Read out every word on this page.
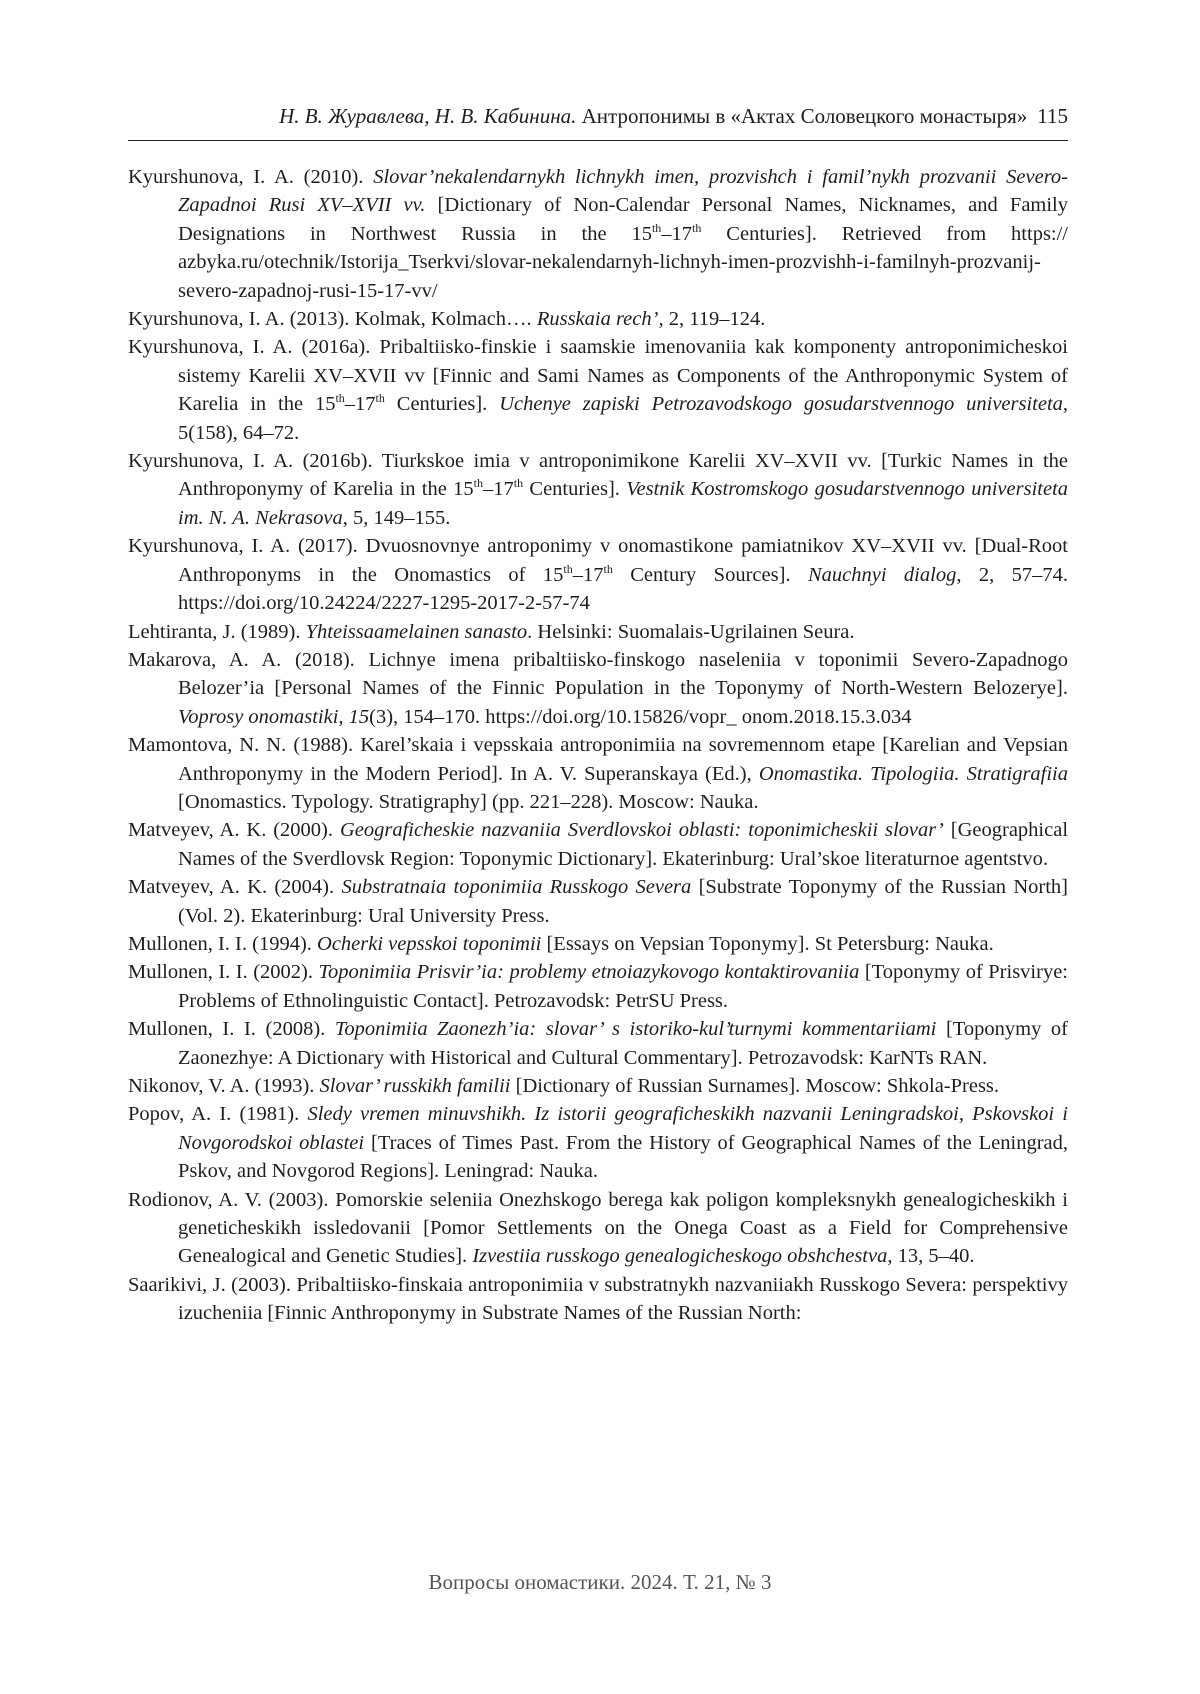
Н. В. Журавлева, Н. В. Кабинина. Антропонимы в «Актах Соловецкого монастыря» 115

Kyurshunova, I. A. (2010). Slovar’nekalendarnykh lichnykh imen, prozvishch i famil’nykh prozvanii Severo-Zapadnoi Rusi XV–XVII vv. [Dictionary of Non-Calendar Personal Names, Nicknames, and Family Designations in Northwest Russia in the 15th–17th Centuries]. Retrieved from https:// azbyka.ru/otechnik/Istorija_Tserkvi/slovar-nekalendarnyh-lichnyh-imen-prozvishh-i-familnyh-prozvanij-severo-zapadnoj-rusi-15-17-vv/

Kyurshunova, I. A. (2013). Kolmak, Kolmach…. Russkaia rech’, 2, 119–124.

Kyurshunova, I. A. (2016a). Pribaltiisko-finskie i saamskie imenovaniia kak komponenty antroponimicheskoi sistemy Karelii XV–XVII vv [Finnic and Sami Names as Components of the Anthroponymic System of Karelia in the 15th–17th Centuries]. Uchenye zapiski Petrozavodskogo gosudarstvennogo universiteta, 5(158), 64–72.

Kyurshunova, I. A. (2016b). Tiurkskoe imia v antroponimikone Karelii XV–XVII vv. [Turkic Names in the Anthroponymy of Karelia in the 15th–17th Centuries]. Vestnik Kostromskogo gosudarstvennogo universiteta im. N. A. Nekrasova, 5, 149–155.

Kyurshunova, I. A. (2017). Dvuosnovnye antroponimy v onomastikone pamiatnikov XV–XVII vv. [Dual-Root Anthroponyms in the Onomastics of 15th–17th Century Sources]. Nauchnyi dialog, 2, 57–74. https://doi.org/10.24224/2227-1295-2017-2-57-74

Lehtiranta, J. (1989). Yhteissaamelainen sanasto. Helsinki: Suomalais-Ugrilainen Seura.

Makarova, A. A. (2018). Lichnye imena pribaltiisko-finskogo naseleniia v toponimii Severo-Zapadnogo Belozer’ia [Personal Names of the Finnic Population in the Toponymy of North-Western Belozerye]. Voprosy onomastiki, 15(3), 154–170. https://doi.org/10.15826/vopr_ onom.2018.15.3.034

Mamontova, N. N. (1988). Karel’skaia i vepsskaia antroponimiia na sovremennom etape [Karelian and Vepsian Anthroponymy in the Modern Period]. In A. V. Superanskaya (Ed.), Onomastika. Tipologiia. Stratigrafiia [Onomastics. Typology. Stratigraphy] (pp. 221–228). Moscow: Nauka.

Matveyev, A. K. (2000). Geograficheskie nazvaniia Sverdlovskoi oblasti: toponimicheskii slovar’ [Geographical Names of the Sverdlovsk Region: Toponymic Dictionary]. Ekaterinburg: Ural’skoe literaturnoe agentstvo.

Matveyev, A. K. (2004). Substratnaia toponimiia Russkogo Severa [Substrate Toponymy of the Russian North] (Vol. 2). Ekaterinburg: Ural University Press.

Mullonen, I. I. (1994). Ocherki vepsskoi toponimii [Essays on Vepsian Toponymy]. St Petersburg: Nauka.

Mullonen, I. I. (2002). Toponimiia Prisvir’ia: problemy etnoiazykovogo kontaktirovaniia [Toponymy of Prisvirye: Problems of Ethnolinguistic Contact]. Petrozavodsk: PetrSU Press.

Mullonen, I. I. (2008). Toponimiia Zaonezh’ia: slovar’ s istoriko-kul’turnymi kommentariiami [Toponymy of Zaonezhye: A Dictionary with Historical and Cultural Commentary]. Petrozavodsk: KarNTs RAN.

Nikonov, V. A. (1993). Slovar’ russkikh familii [Dictionary of Russian Surnames]. Moscow: Shkola-Press.

Popov, A. I. (1981). Sledy vremen minuvshikh. Iz istorii geograficheskikh nazvanii Leningradskoi, Pskovskoi i Novgorodskoi oblastei [Traces of Times Past. From the History of Geographical Names of the Leningrad, Pskov, and Novgorod Regions]. Leningrad: Nauka.

Rodionov, A. V. (2003). Pomorskie seleniia Onezhskogo berega kak poligon kompleksnykh genealogicheskikh i geneticheskikh issledovanii [Pomor Settlements on the Onega Coast as a Field for Comprehensive Genealogical and Genetic Studies]. Izvestiia russkogo genealogicheskogo obshchestva, 13, 5–40.

Saarikivi, J. (2003). Pribaltiisko-finskaia antroponimiia v substratnykh nazvaniiakh Russkogo Severa: perspektivy izucheniia [Finnic Anthroponymy in Substrate Names of the Russian North:

Вопросы ономастики. 2024. Т. 21, № 3
